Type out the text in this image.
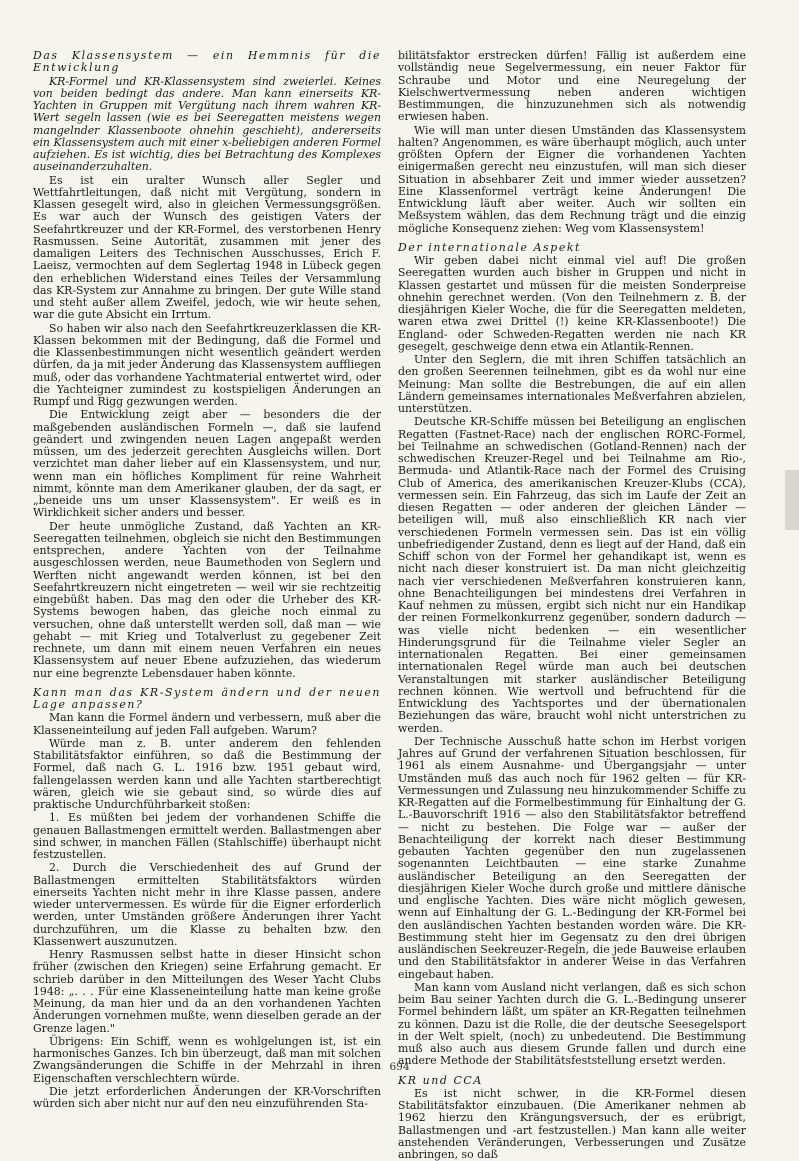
Das Klassensystem — ein Hemmnis für die Entwicklung

KR-Formel und KR-Klassensystem sind zweierlei. Keines von beiden bedingt das andere. Man kann einerseits KR-Yachten in Gruppen mit Vergütung nach ihrem wahren KR-Wert segeln lassen (wie es bei Seeregatten meistens wegen mangelnder Klassenboote ohnehin geschieht), andererseits ein Klassensystem auch mit einer x-beliebigen anderen Formel aufziehen. Es ist wichtig, dies bei Betrachtung des Komplexes auseinanderzuhalten.

Es ist ein uralter Wunsch aller Segler und Wettfahrtleitungen, daß nicht mit Vergütung, sondern in Klassen gesegelt wird, also in gleichen Vermessungsgrößen. Es war auch der Wunsch des geistigen Vaters der Seefahrtkreuzer und der KR-Formel, des verstorbenen Henry Rasmussen. Seine Autorität, zusammen mit jener des damaligen Leiters des Technischen Ausschusses, Erich F. Laeisz, vermochten auf dem Seglertag 1948 in Lübeck gegen den erheblichen Widerstand eines Teiles der Versammlung das KR-System zur Annahme zu bringen. Der gute Wille stand und steht außer allem Zweifel, jedoch, wie wir heute sehen, war die gute Absicht ein Irrtum.

So haben wir also nach den Seefahrtkreuzerklassen die KR-Klassen bekommen mit der Bedingung, daß die Formel und die Klassenbestimmungen nicht wesentlich geändert werden dürfen, da ja mit jeder Änderung das Klassensystem auffliegen muß, oder das vorhandene Yachtmaterial entwertet wird, oder die Yachteigner zumindest zu kostspieligen Änderungen an Rumpf und Rigg gezwungen werden.

Die Entwicklung zeigt aber — besonders die der maßgebenden ausländischen Formeln —, daß sie laufend geändert und zwingenden neuen Lagen angepaßt werden müssen, um des jederzeit gerechten Ausgleichs willen. Dort verzichtet man daher lieber auf ein Klassensystem, und nur, wenn man ein höfliches Kompliment für reine Wahrheit nimmt, könnte man dem Amerikaner glauben, der da sagt, er „beneide uns um unser Klassensystem". Er weiß es in Wirklichkeit sicher anders und besser.

Der heute unmögliche Zustand, daß Yachten an KR-Seeregatten teilnehmen, obgleich sie nicht den Bestimmungen entsprechen, andere Yachten von der Teilnahme ausgeschlossen werden, neue Baumethoden von Seglern und Werften nicht angewandt werden können, ist bei den Seefahrtkreuzern nicht eingetreten — weil wir sie rechtzeitig eingebüßt haben. Das mag den oder die Urheber des KR-Systems bewogen haben, das gleiche noch einmal zu versuchen, ohne daß unterstellt werden soll, daß man — wie gehabt — mit Krieg und Totalverlust zu gegebener Zeit rechnete, um dann mit einem neuen Verfahren ein neues Klassensystem auf neuer Ebene aufzuziehen, das wiederum nur eine begrenzte Lebensdauer haben könnte.

Kann man das KR-System ändern und der neuen Lage anpassen?

Man kann die Formel ändern und verbessern, muß aber die Klasseneinteilung auf jeden Fall aufgeben. Warum?

Würde man z. B. unter anderem den fehlenden Stabilitätsfaktor einführen, so daß die Bestimmung der Formel, daß nach G. L. 1916 bzw. 1951 gebaut wird, fallengelassen werden kann und alle Yachten startberechtigt wären, gleich wie sie gebaut sind, so würde dies auf praktische Undurchführbarkeit stoßen:

1. Es müßten bei jedem der vorhandenen Schiffe die genauen Ballastmengen ermittelt werden. Ballastmengen aber sind schwer, in manchen Fällen (Stahlschiffe) überhaupt nicht festzustellen.

2. Durch die Verschiedenheit des auf Grund der Ballastmengen ermittelten Stabilitätsfaktors würden einerseits Yachten nicht mehr in ihre Klasse passen, andere wieder untervermessen. Es würde für die Eigner erforderlich werden, unter Umständen größere Änderungen ihrer Yacht durchzuführen, um die Klasse zu behalten bzw. den Klassenwert auszunutzen.

Henry Rasmussen selbst hatte in dieser Hinsicht schon früher (zwischen den Kriegen) seine Erfahrung gemacht. Er schrieb darüber in den Mitteilungen des Weser Yacht Clubs 1948: „. . . Für eine Klasseneinteilung hatte man keine große Meinung, da man hier und da an den vorhandenen Yachten Änderungen vornehmen mußte, wenn dieselben gerade an der Grenze lagen."

Übrigens: Ein Schiff, wenn es wohlgelungen ist, ist ein harmonisches Ganzes. Ich bin überzeugt, daß man mit solchen Zwangsänderungen die Schiffe in der Mehrzahl in ihren Eigenschaften verschlechtern würde.

Die jetzt erforderlichen Änderungen der KR-Vorschriften würden sich aber nicht nur auf den neu einzuführenden Sta-

bilitätsfaktor erstrecken dürfen! Fällig ist außerdem eine vollständig neue Segelvermessung, ein neuer Faktor für Schraube und Motor und eine Neuregelung der Kielschwertvermessung neben anderen wichtigen Bestimmungen, die hinzuzunehmen sich als notwendig erwiesen haben.

Wie will man unter diesen Umständen das Klassensystem halten? Angenommen, es wäre überhaupt möglich, auch unter größten Opfern der Eigner die vorhandenen Yachten einigermaßen gerecht neu einzustufen, will man sich dieser Situation in absehbarer Zeit und immer wieder aussetzen? Eine Klassenformel verträgt keine Änderungen! Die Entwicklung läuft aber weiter. Auch wir sollten ein Meßsystem wählen, das dem Rechnung trägt und die einzig mögliche Konsequenz ziehen: Weg vom Klassensystem!

Der internationale Aspekt

Wir geben dabei nicht einmal viel auf! Die großen Seeregatten wurden auch bisher in Gruppen und nicht in Klassen gestartet und müssen für die meisten Sonderpreise ohnehin gerechnet werden. (Von den Teilnehmern z. B. der diesjährigen Kieler Woche, die für die Seeregatten meldeten, waren etwa zwei Drittel (!) keine KR-Klassenboote!) Die England- oder Schweden-Regatten werden nie nach KR gesegelt, geschweige denn etwa ein Atlantik-Rennen.

Unter den Seglern, die mit ihren Schiffen tatsächlich an den großen Seerennen teilnehmen, gibt es da wohl nur eine Meinung: Man sollte die Bestrebungen, die auf ein allen Ländern gemeinsames internationales Meßverfahren abzielen, unterstützen.

Deutsche KR-Schiffe müssen bei Beteiligung an englischen Regatten (Fastnet-Race) nach der englischen RORC-Formel, bei Teilnahme an schwedischen (Gotland-Rennen) nach der schwedischen Kreuzer-Regel und bei Teilnahme am Rio-, Bermuda- und Atlantik-Race nach der Formel des Cruising Club of America, des amerikanischen Kreuzer-Klubs (CCA), vermessen sein. Ein Fahrzeug, das sich im Laufe der Zeit an diesen Regatten — oder anderen der gleichen Länder — beteiligen will, muß also einschließlich KR nach vier verschiedenen Formeln vermessen sein. Das ist ein völlig unbefriedigender Zustand, denn es liegt auf der Hand, daß ein Schiff schon von der Formel her gehandikapt ist, wenn es nicht nach dieser konstruiert ist. Da man nicht gleichzeitig nach vier verschiedenen Meßverfahren konstruieren kann, ohne Benachteiligungen bei mindestens drei Verfahren in Kauf nehmen zu müssen, ergibt sich nicht nur ein Handikap der reinen Formelkonkurrenz gegenüber, sondern dadurch — was vielle nicht bedenken — ein wesentlicher Hinderungsgrund für die Teilnahme vieler Segler an internationalen Regatten. Bei einer gemeinsamen internationalen Regel würde man auch bei deutschen Veranstaltungen mit starker ausländischer Beteiligung rechnen können. Wie wertvoll und befruchtend für die Entwicklung des Yachtsportes und der übernationalen Beziehungen das wäre, braucht wohl nicht unterstrichen zu werden.

Der Technische Ausschuß hatte schon im Herbst vorigen Jahres auf Grund der verfahrenen Situation beschlossen, für 1961 als einem Ausnahme- und Übergangsjahr — unter Umständen muß das auch noch für 1962 gelten — für KR-Vermessungen und Zulassung neu hinzukommender Schiffe zu KR-Regatten auf die Formelbestimmung für Einhaltung der G. L.-Bauvorschrift 1916 — also den Stabilitätsfaktor betreffend — nicht zu bestehen. Die Folge war — außer der Benachteiligung der korrekt nach dieser Bestimmung gebauten Yachten gegenüber den nun zugelassenen sogenannten Leichtbauten — eine starke Zunahme ausländischer Beteiligung an den Seeregatten der diesjährigen Kieler Woche durch große und mittlere dänische und englische Yachten. Dies wäre nicht möglich gewesen, wenn auf Einhaltung der G. L.-Bedingung der KR-Formel bei den ausländischen Yachten bestanden worden wäre. Die KR-Bestimmung steht hier im Gegensatz zu den drei übrigen ausländischen Seekreuzer-Regeln, die jede Bauweise erlauben und den Stabilitätsfaktor in anderer Weise in das Verfahren eingebaut haben.

Man kann vom Ausland nicht verlangen, daß es sich schon beim Bau seiner Yachten durch die G. L.-Bedingung unserer Formel behindern läßt, um später an KR-Regatten teilnehmen zu können. Dazu ist die Rolle, die der deutsche Seesegelsport in der Welt spielt, (noch) zu unbedeutend. Die Bestimmung muß also auch aus diesem Grunde fallen und durch eine andere Methode der Stabilitätsfeststellung ersetzt werden.

KR und CCA

Es ist nicht schwer, in die KR-Formel diesen Stabilitätsfaktor einzubauen. (Die Amerikaner nehmen ab 1962 hierzu den Krängungsversuch, der es erübrigt, Ballastmengen und -art festzustellen.) Man kann alle weiter anstehenden Veränderungen, Verbesserungen und Zusätze anbringen, so daß

694
